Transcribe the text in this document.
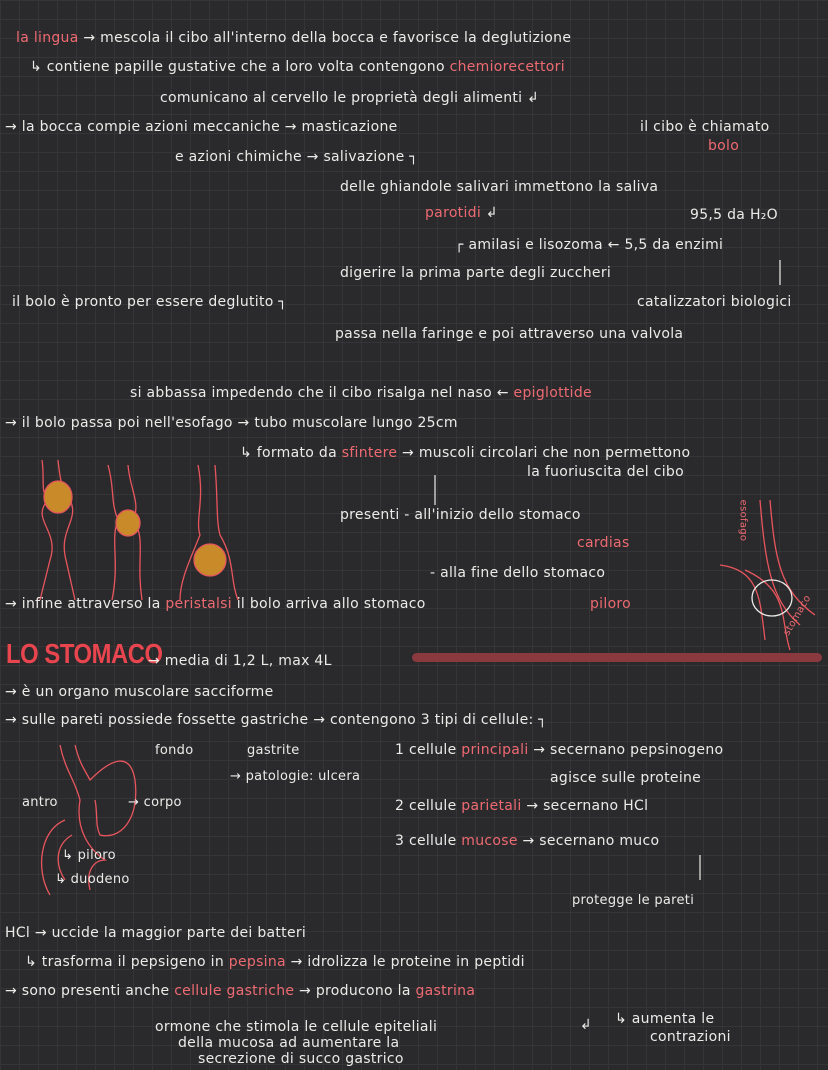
la lingua → mescola il cibo all'interno della bocca e favorisce la deglutizione
↳ contiene papille gustative che a loro volta contengono chemiorecettori
comunicano al cervello le proprietà degli alimenti ↲
→ la bocca compie azioni meccaniche → masticazione	il cibo è chiamato
bolo
e azioni chimiche → salivazione ┐
delle ghiandole salivari immettono la saliva
parotidi ↲	95,5 da H₂O
┌ amilasi e lisozoma ← 5,5 da enzimi
digerire la prima parte degli zuccheri
il bolo è pronto per essere deglutito ┐	catalizzatori biologici
passa nella faringe e poi attraverso una valvola
si abbassa impedendo che il cibo risalga nel naso ← epiglottide
→ il bolo passa poi nell'esofago → tubo muscolare lungo 25cm
↳ formato da sfintere → muscoli circolari che non permettono
la fuoriuscita del cibo
presenti - all'inizio dello stomaco
cardias
- alla fine dello stomaco
→ infine attraverso la peristalsi il bolo arriva allo stomaco	piloro
esofago
stomaco
LO STOMACO
→ media di 1,2 L, max 4L
→ è un organo muscolare sacciforme
→ sulle pareti possiede fossette gastriche → contengono 3 tipi di cellule: ┐
fondo
antro	→ corpo
↳ piloro
↳ duodeno
gastrite
→ patologie: ulcera
1 cellule principali → secernano pepsinogeno
agisce sulle proteine
2 cellule parietali → secernano HCl
3 cellule mucose → secernano muco
protegge le pareti
HCl → uccide la maggior parte dei batteri
↳ trasforma il pepsigeno in pepsina → idrolizza le proteine in peptidi
→ sono presenti anche cellule gastriche → producono la gastrina
ormone che stimola le cellule epiteliali
della mucosa ad aumentare la
secrezione di succo gastrico
↲ ↳ aumenta le
contrazioni
